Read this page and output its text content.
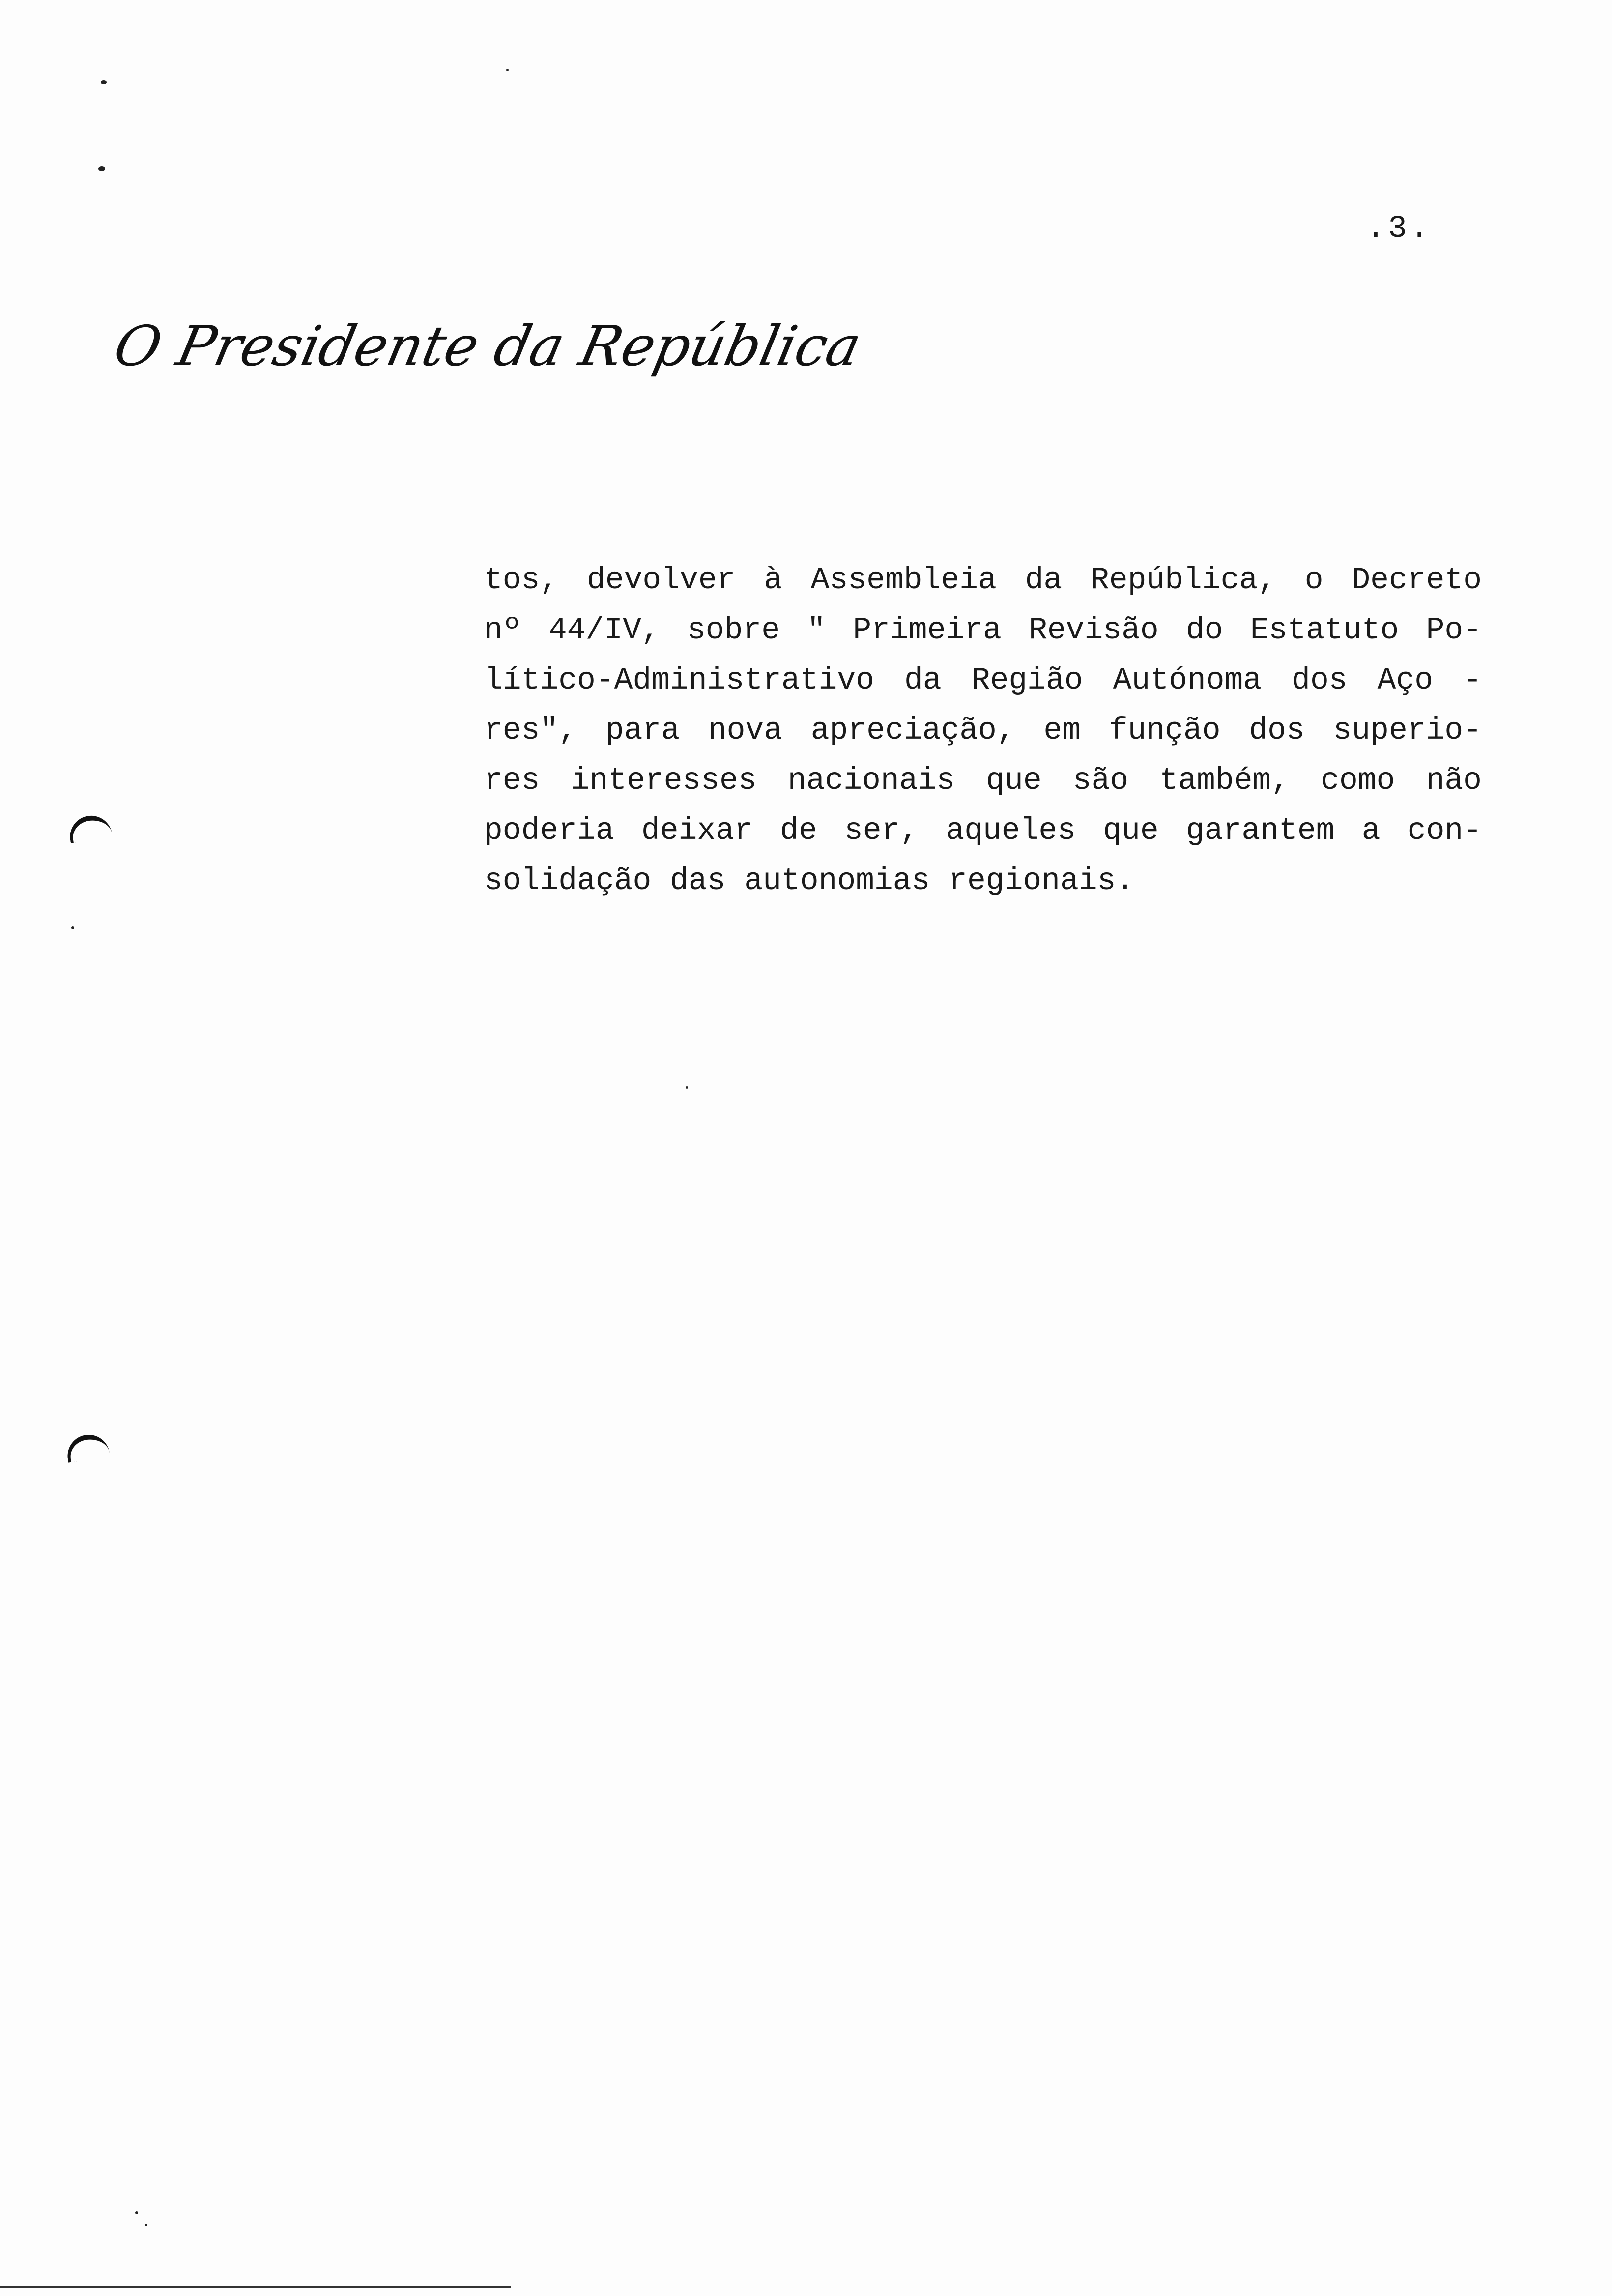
.3.
O Presidente da República
tos, devolver à Assembleia da República, o Decreto
nº 44/IV, sobre " Primeira Revisão do Estatuto Po-
lítico-Administrativo da Região Autónoma dos Aço -
res", para nova apreciação, em função dos superio-
res interesses nacionais que são também, como não
poderia deixar de ser, aqueles que garantem a con-
solidação das autonomias regionais.
